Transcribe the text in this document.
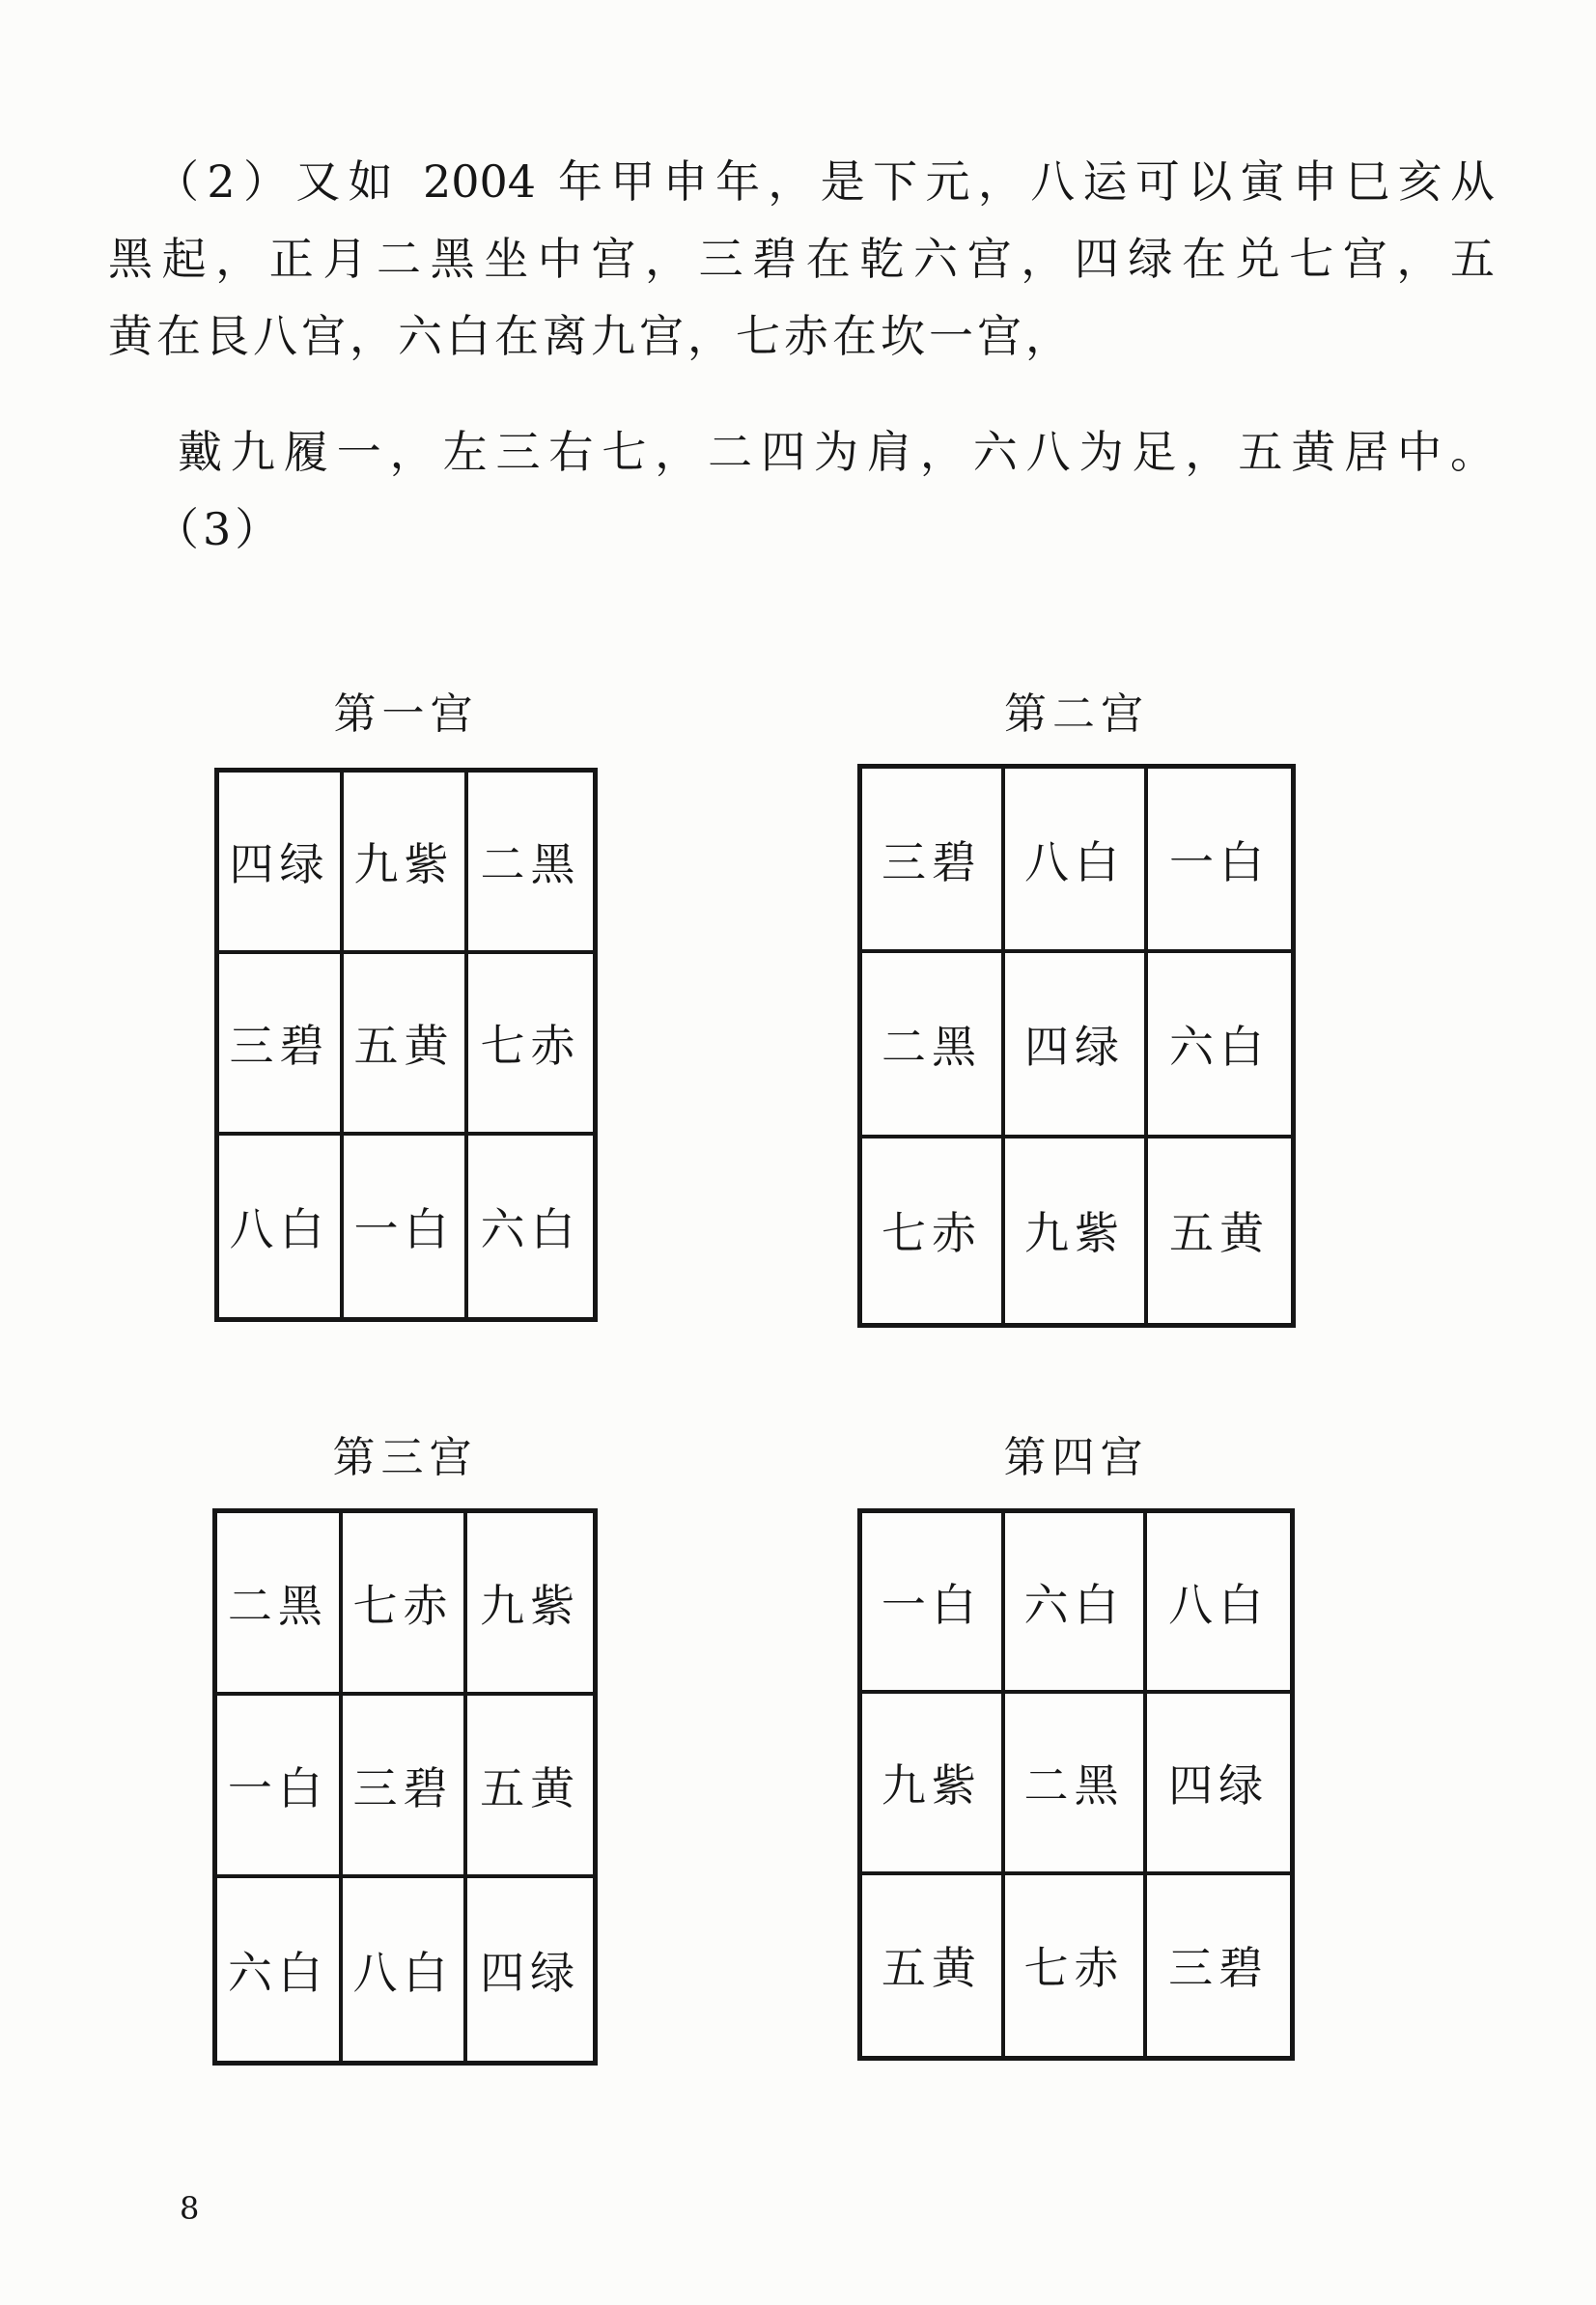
（2）又如 2004 年甲申年，是下元，八运可以寅申巳亥从
黑起，正月二黑坐中宫，三碧在乾六宫，四绿在兑七宫，五
黄在艮八宫，六白在离九宫，七赤在坎一宫，
戴九履一，左三右七，二四为肩，六八为足，五黄居中。
（3）
第一宫
四绿 九紫 二黑
三碧 五黄 七赤
八白 一白 六白
第二宫
三碧 八白	一白
二黑 四绿	六白
七赤 九紫	五黄
第三宫
二黑 七赤 九紫
一白 三碧 五黄
六白 八白 四绿
第四宫
一白 六白 八白
九紫 二黑 四绿
五黄 七赤 三碧
8
